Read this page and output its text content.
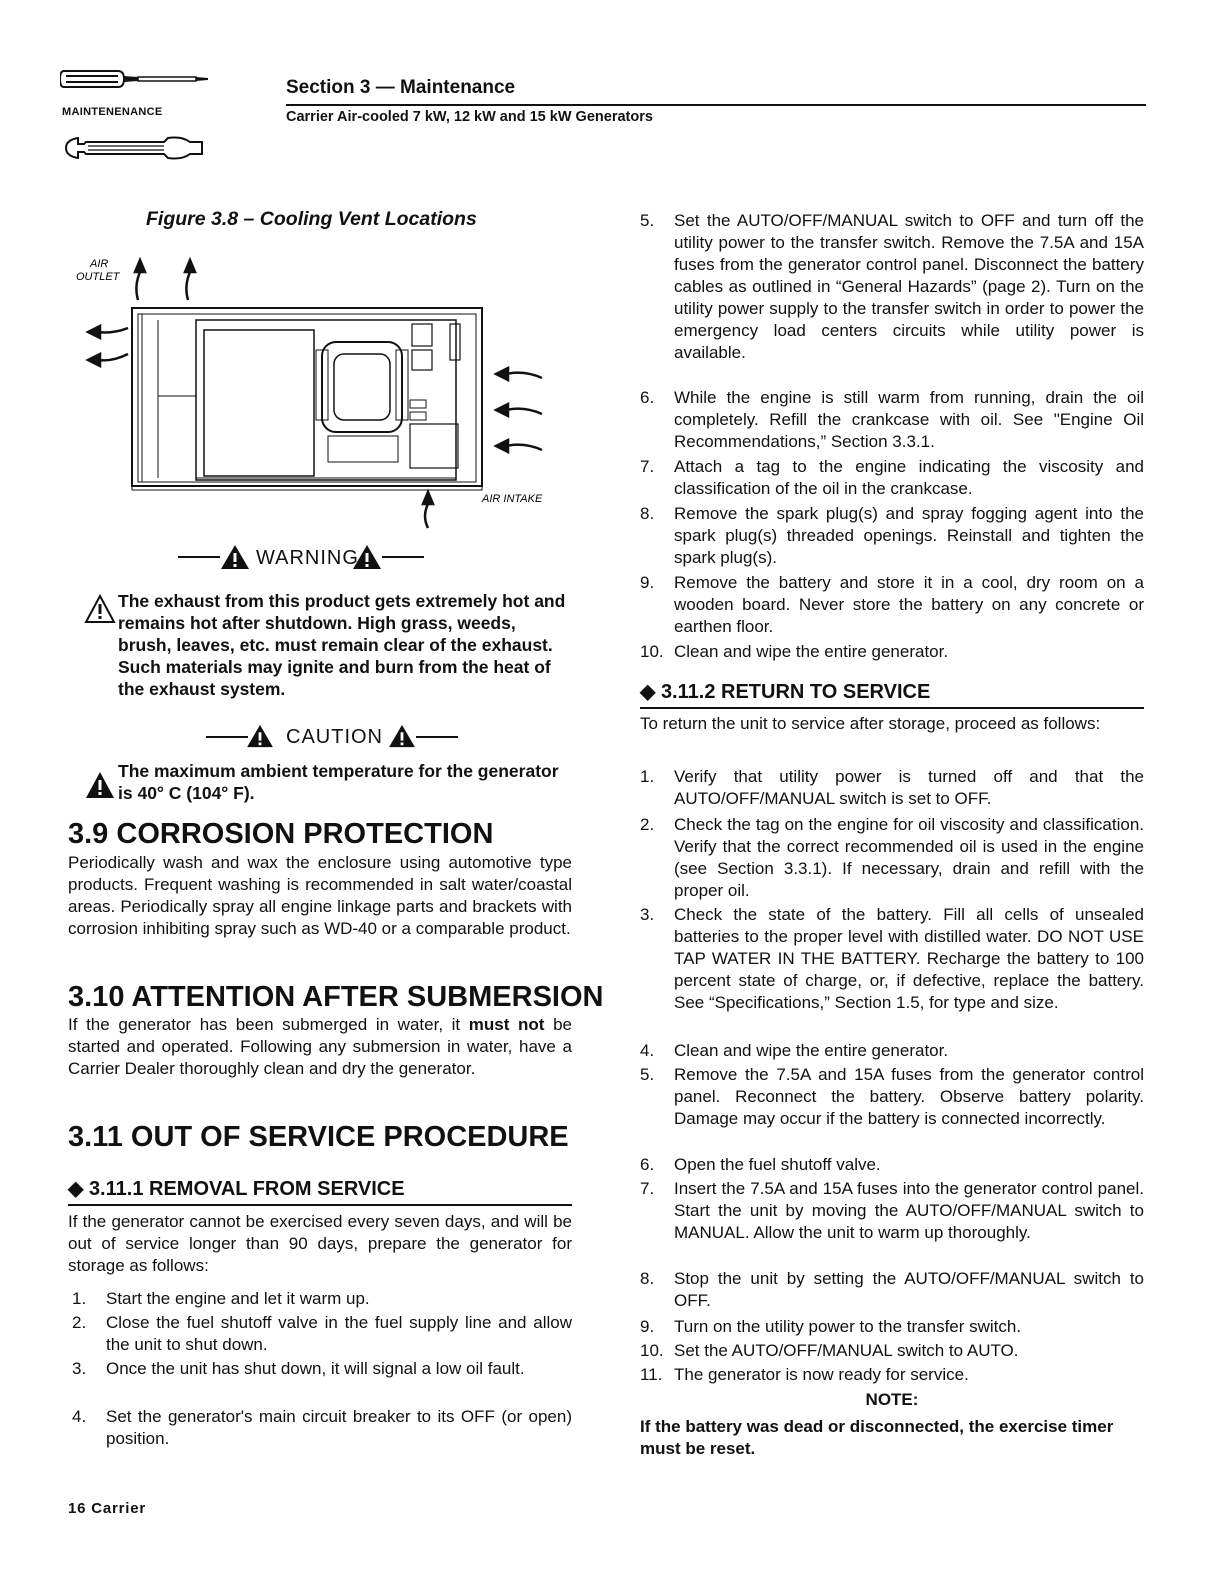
MAINTENENANCE
Section 3 — Maintenance
Carrier Air-cooled 7 kW, 12 kW and 15 kW Generators
Figure 3.8 – Cooling Vent Locations
AIR
OUTLET
AIR INTAKE
WARNING
The exhaust from this product gets extremely hot and remains hot after shutdown. High grass, weeds, brush, leaves, etc. must remain clear of the exhaust. Such materials may ignite and burn from the heat of the exhaust system.
CAUTION
The maximum ambient temperature for the generator is 40° C (104° F).
3.9 CORROSION PROTECTION
Periodically wash and wax the enclosure using automotive type products. Frequent washing is recommended in salt water/coastal areas. Periodically spray all engine linkage parts and brackets with corrosion inhibiting spray such as WD-40 or a comparable product.
3.10 ATTENTION AFTER SUBMERSION
If the generator has been submerged in water, it must not be started and operated. Following any submersion in water, have a Carrier Dealer thoroughly clean and dry the generator.
3.11 OUT OF SERVICE PROCEDURE
◆ 3.11.1 REMOVAL FROM SERVICE
If the generator cannot be exercised every seven days, and will be out of service longer than 90 days, prepare the generator for storage as follows:
1. Start the engine and let it warm up.
2. Close the fuel shutoff valve in the fuel supply line and allow the unit to shut down.
3. Once the unit has shut down, it will signal a low oil fault.
4. Set the generator's main circuit breaker to its OFF (or open) position.
5. Set the AUTO/OFF/MANUAL switch to OFF and turn off the utility power to the transfer switch. Remove the 7.5A and 15A fuses from the generator control panel. Disconnect the battery cables as outlined in “General Hazards” (page 2). Turn on the utility power supply to the transfer switch in order to power the emergency load centers circuits while utility power is available.
6. While the engine is still warm from running, drain the oil completely. Refill the crankcase with oil. See "Engine Oil Recommendations,” Section 3.3.1.
7. Attach a tag to the engine indicating the viscosity and classification of the oil in the crankcase.
8. Remove the spark plug(s) and spray fogging agent into the spark plug(s) threaded openings. Reinstall and tighten the spark plug(s).
9. Remove the battery and store it in a cool, dry room on a wooden board. Never store the battery on any concrete or earthen floor.
10. Clean and wipe the entire generator.
◆ 3.11.2 RETURN TO SERVICE
To return the unit to service after storage, proceed as follows:
1. Verify that utility power is turned off and that the AUTO/OFF/MANUAL switch is set to OFF.
2. Check the tag on the engine for oil viscosity and classification. Verify that the correct recommended oil is used in the engine (see Section 3.3.1). If necessary, drain and refill with the proper oil.
3. Check the state of the battery. Fill all cells of unsealed batteries to the proper level with distilled water. DO NOT USE TAP WATER IN THE BATTERY. Recharge the battery to 100 percent state of charge, or, if defective, replace the battery. See “Specifications,” Section 1.5, for type and size.
4. Clean and wipe the entire generator.
5. Remove the 7.5A and 15A fuses from the generator control panel. Reconnect the battery. Observe battery polarity. Damage may occur if the battery is connected incorrectly.
6. Open the fuel shutoff valve.
7. Insert the 7.5A and 15A fuses into the generator control panel. Start the unit by moving the AUTO/OFF/MANUAL switch to MANUAL. Allow the unit to warm up thoroughly.
8. Stop the unit by setting the AUTO/OFF/MANUAL switch to OFF.
9. Turn on the utility power to the transfer switch.
10. Set the AUTO/OFF/MANUAL switch to AUTO.
11. The generator is now ready for service.
NOTE:
If the battery was dead or disconnected, the exercise timer must be reset.
16 Carrier
